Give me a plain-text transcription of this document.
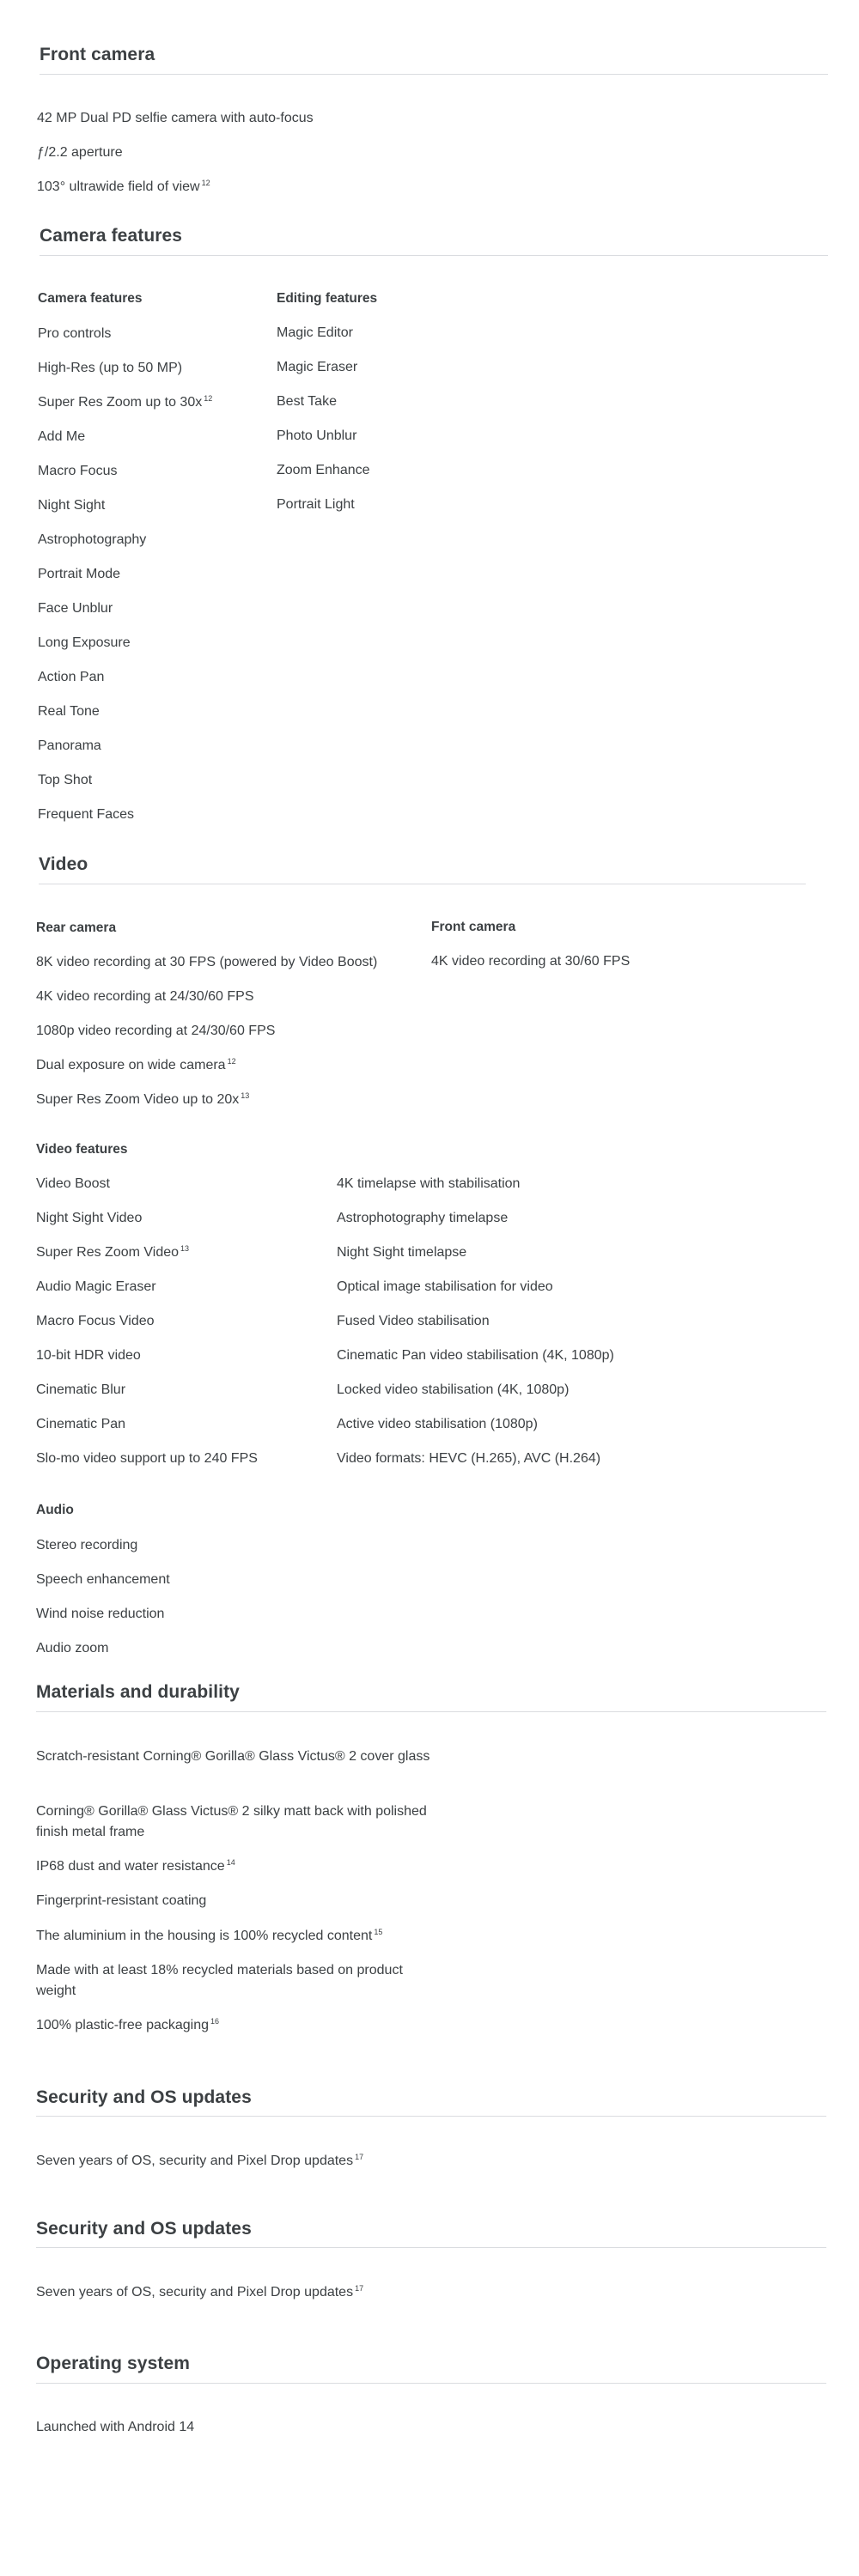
Front camera
Camera features
Camera features	Editing features
Video
Rear camera	Front camera
Video features
Audio
Materials and durability
Security and OS updates
Security and OS updates
Operating system

42 MP Dual PD selfie camera with auto-focus

ƒ/2.2 aperture

103° ultrawide field of view $^{12}$

Pro controls

High-Res (up to 50 MP)

Super Res Zoom up to 30x $^{12}$

Add Me

Macro Focus

Night Sight

Astrophotography

Portrait Mode

Face Unblur

Long Exposure

Action Pan

Real Tone

Panorama

Top Shot

Frequent Faces

Magic Editor

Magic Eraser

Best Take

Photo Unblur

Zoom Enhance

Portrait Light

8K video recording at 30 FPS (powered by Video Boost)

4K video recording at 24/30/60 FPS

1080p video recording at 24/30/60 FPS

Dual exposure on wide camera $^{12}$

Super Res Zoom Video up to 20x $^{13}$

4K video recording at 30/60 FPS

Video Boost

Night Sight Video

Super Res Zoom Video $^{13}$

Audio Magic Eraser

Macro Focus Video

10-bit HDR video

Cinematic Blur

Cinematic Pan

Slo-mo video support up to 240 FPS

4K timelapse with stabilisation

Astrophotography timelapse

Night Sight timelapse

Optical image stabilisation for video

Fused Video stabilisation

Cinematic Pan video stabilisation (4K, 1080p)

Locked video stabilisation (4K, 1080p)

Active video stabilisation (1080p)

Video formats: HEVC (H.265), AVC (H.264)

Stereo recording

Speech enhancement

Wind noise reduction

Audio zoom

Seven years of OS, security and Pixel Drop updates $^{17}$

Seven years of OS, security and Pixel Drop updates $^{17}$

Launched with Android 14

Scratch-resistant Corning® Gorilla® Glass Victus® 2 cover glass

Corning® Gorilla® Glass Victus® 2 silky matt back with polished finish metal frame

IP68 dust and water resistance $^{14}$

Fingerprint-resistant coating

The aluminium in the housing is 100% recycled content $^{15}$

Made with at least 18% recycled materials based on product weight

100% plastic-free packaging $^{16}$
